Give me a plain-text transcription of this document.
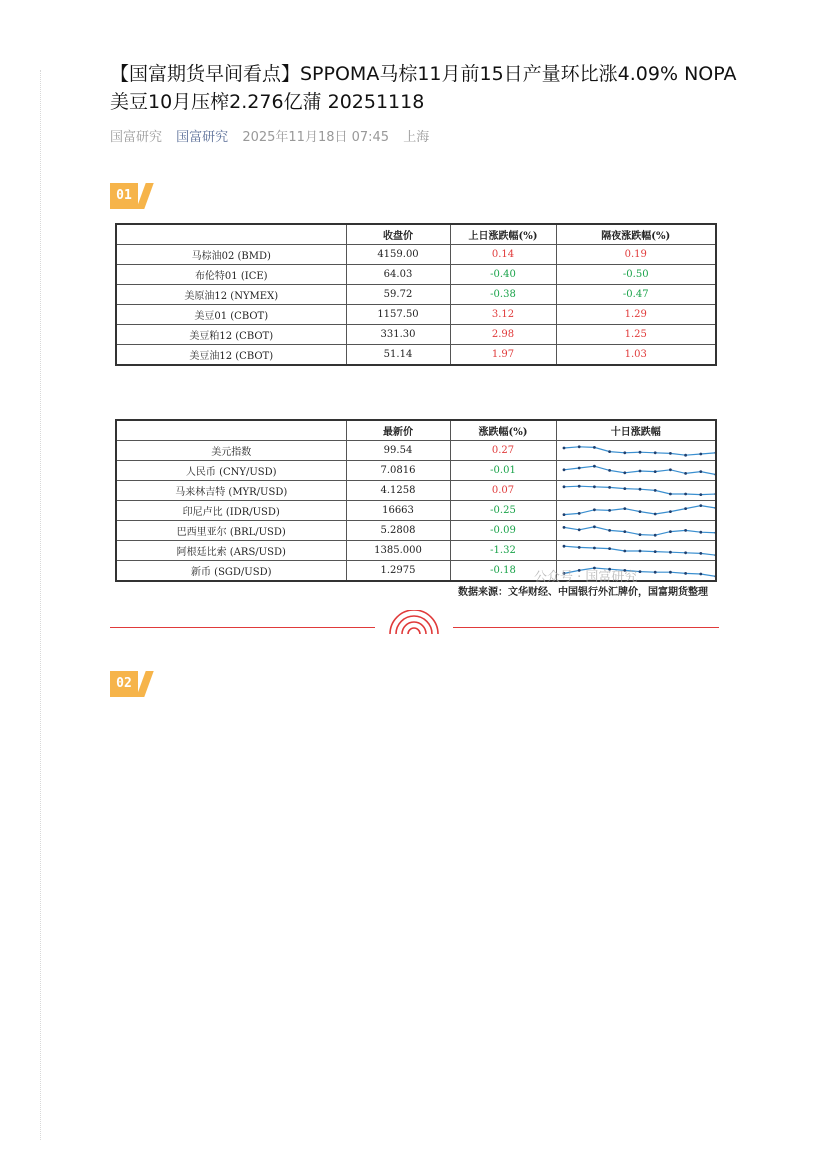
【国富期货早间看点】SPPOMA马棕11月前15日产量环比涨4.09% NOPA美豆10月压榨2.276亿蒲 20251118
国富研究 国富研究 2025年11月18日 07:45 上海
01
	收盘价	上日涨跌幅(%)	隔夜涨跌幅(%)
马棕油02 (BMD)	4159.00	0.14	0.19
布伦特01 (ICE)	64.03	-0.40	-0.50
美原油12 (NYMEX)	59.72	-0.38	-0.47
美豆01 (CBOT)	1157.50	3.12	1.29
美豆粕12 (CBOT)	331.30	2.98	1.25
美豆油12 (CBOT)	51.14	1.97	1.03
	最新价	涨跌幅(%)	十日涨跌幅
美元指数	99.54	0.27	

人民币 (CNY/USD)	7.0816	-0.01	

马来林吉特 (MYR/USD)	4.1258	0.07	

印尼卢比 (IDR/USD)	16663	-0.25	

巴西里亚尔 (BRL/USD)	5.2808	-0.09	

阿根廷比索 (ARS/USD)	1385.000	-1.32	

新币 (SGD/USD)	1.2975	-0.18	公众号 · 国富研究
数据来源：文华财经、中国银行外汇牌价，国富期货整理
02
